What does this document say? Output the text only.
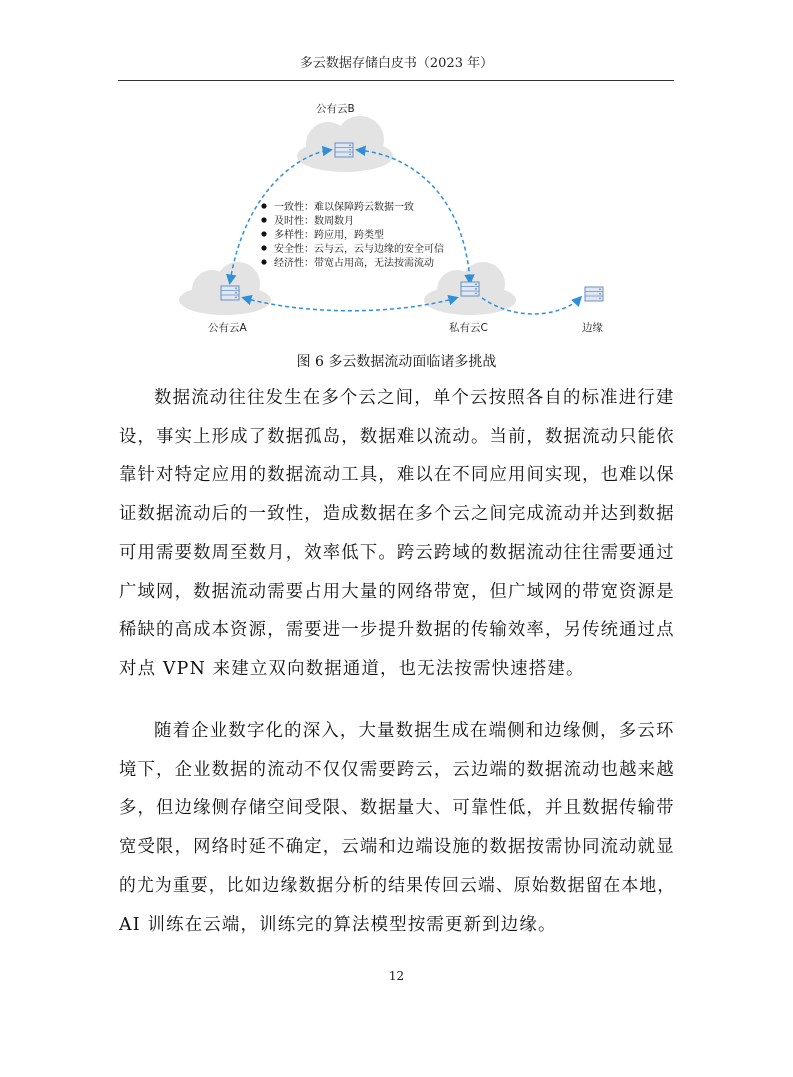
多云数据存储白皮书（2023 年）
公有云B
公有云A	私有云C	边缘
一致性：难以保障跨云数据一致
及时性：数周数月
多样性：跨应用，跨类型
安全性：云与云，云与边缘的安全可信
经济性：带宽占用高，无法按需流动
图 6 多云数据流动面临诸多挑战
数据流动往往发生在多个云之间，单个云按照各自的标准进行建
设，事实上形成了数据孤岛，数据难以流动。当前，数据流动只能依
靠针对特定应用的数据流动工具，难以在不同应用间实现，也难以保
证数据流动后的一致性，造成数据在多个云之间完成流动并达到数据
可用需要数周至数月，效率低下。跨云跨域的数据流动往往需要通过
广域网，数据流动需要占用大量的网络带宽，但广域网的带宽资源是
稀缺的高成本资源，需要进一步提升数据的传输效率，另传统通过点
对点 VPN 来建立双向数据通道，也无法按需快速搭建。
随着企业数字化的深入，大量数据生成在端侧和边缘侧，多云环
境下，企业数据的流动不仅仅需要跨云，云边端的数据流动也越来越
多，但边缘侧存储空间受限、数据量大、可靠性低，并且数据传输带
宽受限，网络时延不确定，云端和边端设施的数据按需协同流动就显
的尤为重要，比如边缘数据分析的结果传回云端、原始数据留在本地，
AI 训练在云端，训练完的算法模型按需更新到边缘。
12
